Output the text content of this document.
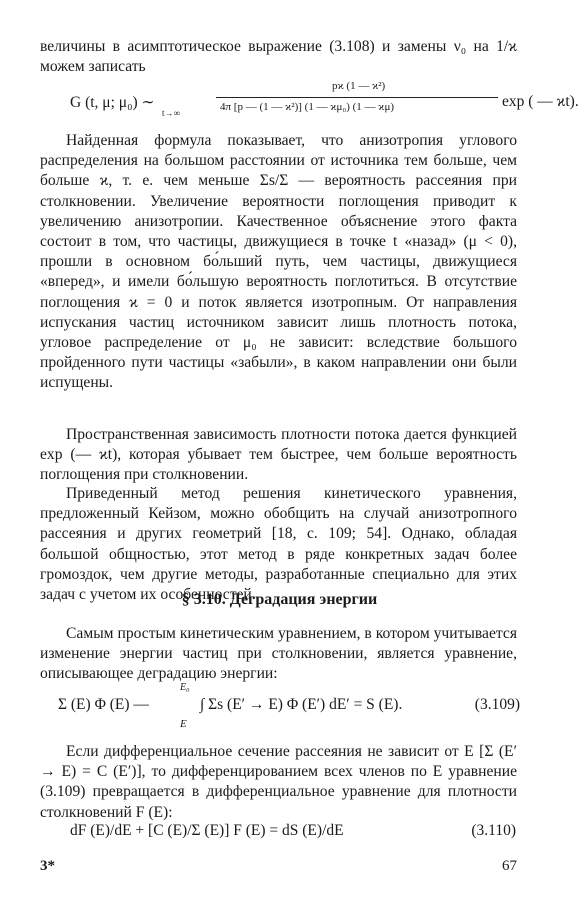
величины в асимптотическое выражение (3.108) и замены ν₀ на 1/ϰ можем записать

G (t, μ; μ₀) ∼
t→∞
pϰ (1 — ϰ²)
4π [p — (1 — ϰ²)] (1 — ϰμ₀) (1 — ϰμ)	exp ( — ϰt).

Найденная формула показывает, что анизотропия углового распределения на большом расстоянии от источника тем больше, чем больше ϰ, т. е. чем меньше Σs/Σ — вероятность рассеяния при столкновении. Увеличение вероятности поглощения приводит к увеличению анизотропии. Качественное объяснение этого факта состоит в том, что частицы, движущиеся в точке t «назад» (μ < 0), прошли в основном бо́льший путь, чем частицы, движущиеся «вперед», и имели бо́льшую вероятность поглотиться. В отсутствие поглощения ϰ = 0 и поток является изотропным. От направления испускания частиц источником зависит лишь плотность потока, угловое распределение от μ₀ не зависит: вследствие большого пройденного пути частицы «забыли», в каком направлении они были испущены.

Пространственная зависимость плотности потока дается функцией exp (— ϰt), которая убывает тем быстрее, чем больше вероятность поглощения при столкновении.

Приведенный метод решения кинетического уравнения, предложенный Кейзом, можно обобщить на случай анизотропного рассеяния и других геометрий [18, с. 109; 54]. Однако, обладая большой общностью, этот метод в ряде конкретных задач более громоздок, чем другие методы, разработанные специально для этих задач с учетом их особенностей.

§ 3.10. Деградация энергии

Самым простым кинетическим уравнением, в котором учитывается изменение энергии частиц при столкновении, является уравнение, описывающее деградацию энергии:

Σ (E) Φ (E) —
E₀
E
∫ Σs (E′ → E) Φ (E′) dE′ = S (E).	(3.109)

Если дифференциальное сечение рассеяния не зависит от E [Σ (E′ → E) = C (E′)], то дифференцированием всех членов по E уравнение (3.109) превращается в дифференциальное уравнение для плотности столкновений F (E):

dF (E)/dE + [C (E)/Σ (E)] F (E) = dS (E)/dE	(3.110)
3*	67
